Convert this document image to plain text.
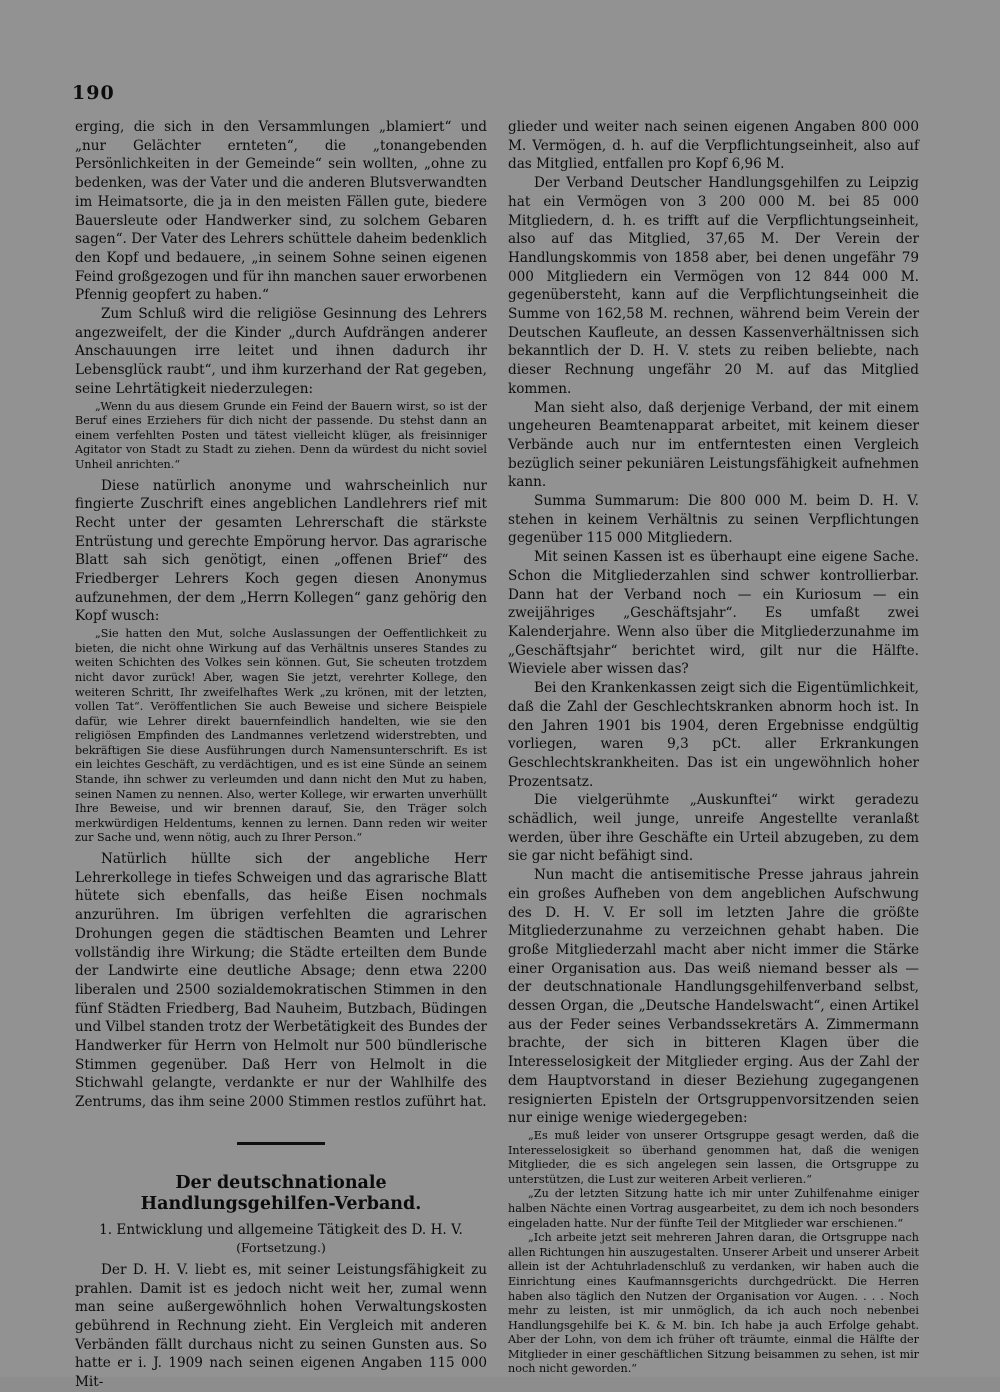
190

erging, die sich in den Versammlungen „blamiert“ und „nur Gelächter ernteten“, die „tonangebenden Persönlichkeiten in der Gemeinde“ sein wollten, „ohne zu bedenken, was der Vater und die anderen Blutsverwandten im Heimatsorte, die ja in den meisten Fällen gute, biedere Bauersleute oder Handwerker sind, zu solchem Gebaren sagen“. Der Vater des Lehrers schüttele daheim bedenklich den Kopf und bedauere, „in seinem Sohne seinen eigenen Feind großgezogen und für ihn manchen sauer erworbenen Pfennig geopfert zu haben.“

Zum Schluß wird die religiöse Gesinnung des Lehrers angezweifelt, der die Kinder „durch Aufdrängen anderer Anschauungen irre leitet und ihnen dadurch ihr Lebensglück raubt“, und ihm kurzerhand der Rat gegeben, seine Lehrtätigkeit niederzulegen:

„Wenn du aus diesem Grunde ein Feind der Bauern wirst, so ist der Beruf eines Erziehers für dich nicht der passende. Du stehst dann an einem verfehlten Posten und tätest vielleicht klüger, als freisinniger Agitator von Stadt zu Stadt zu ziehen. Denn da würdest du nicht soviel Unheil anrichten.“

Diese natürlich anonyme und wahrscheinlich nur fingierte Zuschrift eines angeblichen Landlehrers rief mit Recht unter der gesamten Lehrerschaft die stärkste Entrüstung und gerechte Empörung hervor. Das agrarische Blatt sah sich genötigt, einen „offenen Brief“ des Friedberger Lehrers Koch gegen diesen Anonymus aufzunehmen, der dem „Herrn Kollegen“ ganz gehörig den Kopf wusch:

„Sie hatten den Mut, solche Auslassungen der Oeffentlichkeit zu bieten, die nicht ohne Wirkung auf das Verhältnis unseres Standes zu weiten Schichten des Volkes sein können. Gut, Sie scheuten trotzdem nicht davor zurück! Aber, wagen Sie jetzt, verehrter Kollege, den weiteren Schritt, Ihr zweifelhaftes Werk „zu krönen, mit der letzten, vollen Tat“. Veröffentlichen Sie auch Beweise und sichere Beispiele dafür, wie Lehrer direkt bauernfeindlich handelten, wie sie den religiösen Empfinden des Landmannes verletzend widerstrebten, und bekräftigen Sie diese Ausführungen durch Namensunterschrift. Es ist ein leichtes Geschäft, zu verdächtigen, und es ist eine Sünde an seinem Stande, ihn schwer zu verleumden und dann nicht den Mut zu haben, seinen Namen zu nennen. Also, werter Kollege, wir erwarten unverhüllt Ihre Beweise, und wir brennen darauf, Sie, den Träger solch merkwürdigen Heldentums, kennen zu lernen. Dann reden wir weiter zur Sache und, wenn nötig, auch zu Ihrer Person.“

Natürlich hüllte sich der angebliche Herr Lehrerkollege in tiefes Schweigen und das agrarische Blatt hütete sich ebenfalls, das heiße Eisen nochmals anzurühren. Im übrigen verfehlten die agrarischen Drohungen gegen die städtischen Beamten und Lehrer vollständig ihre Wirkung; die Städte erteilten dem Bunde der Landwirte eine deutliche Absage; denn etwa 2200 liberalen und 2500 sozialdemokratischen Stimmen in den fünf Städten Friedberg, Bad Nauheim, Butzbach, Büdingen und Vilbel standen trotz der Werbetätigkeit des Bundes der Handwerker für Herrn von Helmolt nur 500 bündlerische Stimmen gegenüber. Daß Herr von Helmolt in die Stichwahl gelangte, verdankte er nur der Wahlhilfe des Zentrums, das ihm seine 2000 Stimmen restlos zuführt hat.

Der deutschnationale Handlungsgehilfen-Verband.
1. Entwicklung und allgemeine Tätigkeit des D. H. V.
(Fortsetzung.)

Der D. H. V. liebt es, mit seiner Leistungsfähigkeit zu prahlen. Damit ist es jedoch nicht weit her, zumal wenn man seine außergewöhnlich hohen Verwaltungskosten gebührend in Rechnung zieht. Ein Vergleich mit anderen Verbänden fällt durchaus nicht zu seinen Gunsten aus. So hatte er i. J. 1909 nach seinen eigenen Angaben 115 000 Mit-

glieder und weiter nach seinen eigenen Angaben 800 000 M. Vermögen, d. h. auf die Verpflichtungseinheit, also auf das Mitglied, entfallen pro Kopf 6,96 M.

Der Verband Deutscher Handlungsgehilfen zu Leipzig hat ein Vermögen von 3 200 000 M. bei 85 000 Mitgliedern, d. h. es trifft auf die Verpflichtungseinheit, also auf das Mitglied, 37,65 M. Der Verein der Handlungskommis von 1858 aber, bei denen ungefähr 79 000 Mitgliedern ein Vermögen von 12 844 000 M. gegenübersteht, kann auf die Verpflichtungseinheit die Summe von 162,58 M. rechnen, während beim Verein der Deutschen Kaufleute, an dessen Kassenverhältnissen sich bekanntlich der D. H. V. stets zu reiben beliebte, nach dieser Rechnung ungefähr 20 M. auf das Mitglied kommen.

Man sieht also, daß derjenige Verband, der mit einem ungeheuren Beamtenapparat arbeitet, mit keinem dieser Verbände auch nur im entferntesten einen Vergleich bezüglich seiner pekuniären Leistungsfähigkeit aufnehmen kann.

Summa Summarum: Die 800 000 M. beim D. H. V. stehen in keinem Verhältnis zu seinen Verpflichtungen gegenüber 115 000 Mitgliedern.

Mit seinen Kassen ist es überhaupt eine eigene Sache. Schon die Mitgliederzahlen sind schwer kontrollierbar. Dann hat der Verband noch — ein Kuriosum — ein zweijähriges „Geschäftsjahr“. Es umfaßt zwei Kalenderjahre. Wenn also über die Mitgliederzunahme im „Geschäftsjahr“ berichtet wird, gilt nur die Hälfte. Wieviele aber wissen das?

Bei den Krankenkassen zeigt sich die Eigentümlichkeit, daß die Zahl der Geschlechtskranken abnorm hoch ist. In den Jahren 1901 bis 1904, deren Ergebnisse endgültig vorliegen, waren 9,3 pCt. aller Erkrankungen Geschlechtskrankheiten. Das ist ein ungewöhnlich hoher Prozentsatz.

Die vielgerühmte „Auskunftei“ wirkt geradezu schädlich, weil junge, unreife Angestellte veranlaßt werden, über ihre Geschäfte ein Urteil abzugeben, zu dem sie gar nicht befähigt sind.

Nun macht die antisemitische Presse jahraus jahrein ein großes Aufheben von dem angeblichen Aufschwung des D. H. V. Er soll im letzten Jahre die größte Mitgliederzunahme zu verzeichnen gehabt haben. Die große Mitgliederzahl macht aber nicht immer die Stärke einer Organisation aus. Das weiß niemand besser als — der deutschnationale Handlungsgehilfenverband selbst, dessen Organ, die „Deutsche Handelswacht“, einen Artikel aus der Feder seines Verbandssekretärs A. Zimmermann brachte, der sich in bitteren Klagen über die Interesselosigkeit der Mitglieder erging. Aus der Zahl der dem Hauptvorstand in dieser Beziehung zugegangenen resignierten Episteln der Ortsgruppenvorsitzenden seien nur einige wenige wiedergegeben:

„Es muß leider von unserer Ortsgruppe gesagt werden, daß die Interesselosigkeit so überhand genommen hat, daß die wenigen Mitglieder, die es sich angelegen sein lassen, die Ortsgruppe zu unterstützen, die Lust zur weiteren Arbeit verlieren.“

„Zu der letzten Sitzung hatte ich mir unter Zuhilfenahme einiger halben Nächte einen Vortrag ausgearbeitet, zu dem ich noch besonders eingeladen hatte. Nur der fünfte Teil der Mitglieder war erschienen.“

„Ich arbeite jetzt seit mehreren Jahren daran, die Ortsgruppe nach allen Richtungen hin auszugestalten. Unserer Arbeit und unserer Arbeit allein ist der Achtuhrladenschluß zu verdanken, wir haben auch die Einrichtung eines Kaufmannsgerichts durchgedrückt. Die Herren haben also täglich den Nutzen der Organisation vor Augen. . . . Noch mehr zu leisten, ist mir unmöglich, da ich auch noch nebenbei Handlungsgehilfe bei K. & M. bin. Ich habe ja auch Erfolge gehabt. Aber der Lohn, von dem ich früher oft träumte, einmal die Hälfte der Mitglieder in einer geschäftlichen Sitzung beisammen zu sehen, ist mir noch nicht geworden.“
